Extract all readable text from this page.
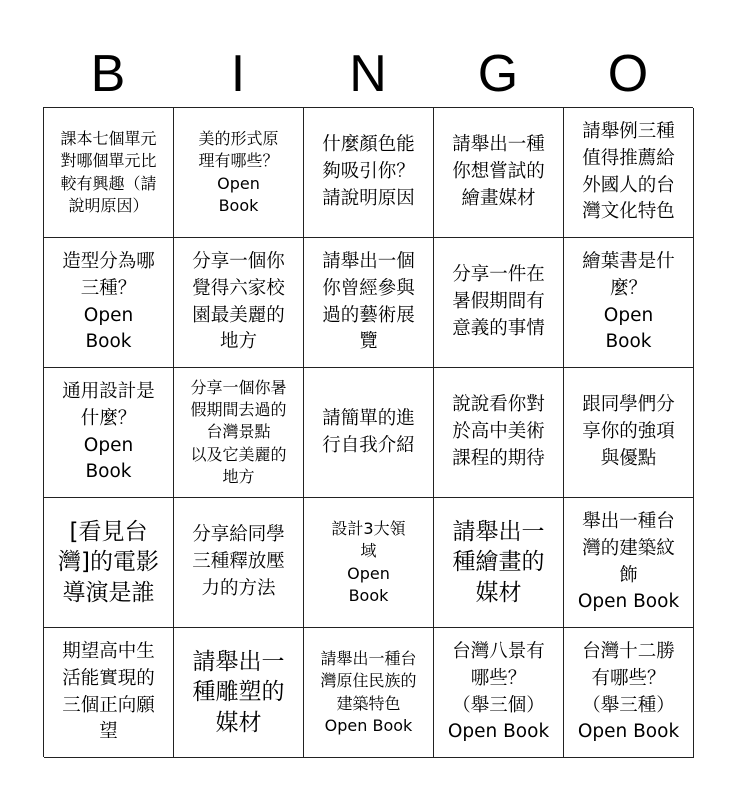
B	I	N	G	O
課本七個單元
對哪個單元比
較有興趣（請
說明原因）
美的形式原
理有哪些？
Open
Book
什麼顏色能
夠吸引你？
請說明原因
請舉出一種
你想嘗試的
繪畫媒材
請舉例三種
值得推薦給
外國人的台
灣文化特色
造型分為哪
三種？
Open
Book
分享一個你
覺得六家校
園最美麗的
地方
請舉出一個
你曾經參與
過的藝術展
覽
分享一件在
暑假期間有
意義的事情
繪葉書是什
麼？
Open
Book
通用設計是
什麼？
Open
Book
分享一個你暑
假期間去過的
台灣景點
以及它美麗的
地方
請簡單的進
行自我介紹
說說看你對
於高中美術
課程的期待
跟同學們分
享你的強項
與優點
[看見台
灣]的電影
導演是誰
分享給同學
三種釋放壓
力的方法
設計3大領
域
Open
Book
請舉出一
種繪畫的
媒材
舉出一種台
灣的建築紋
飾
Open Book
期望高中生
活能實現的
三個正向願
望
請舉出一
種雕塑的
媒材
請舉出一種台
灣原住民族的
建築特色
Open Book
台灣八景有
哪些？
（舉三個）
Open Book
台灣十二勝
有哪些？
（舉三種）
Open Book
